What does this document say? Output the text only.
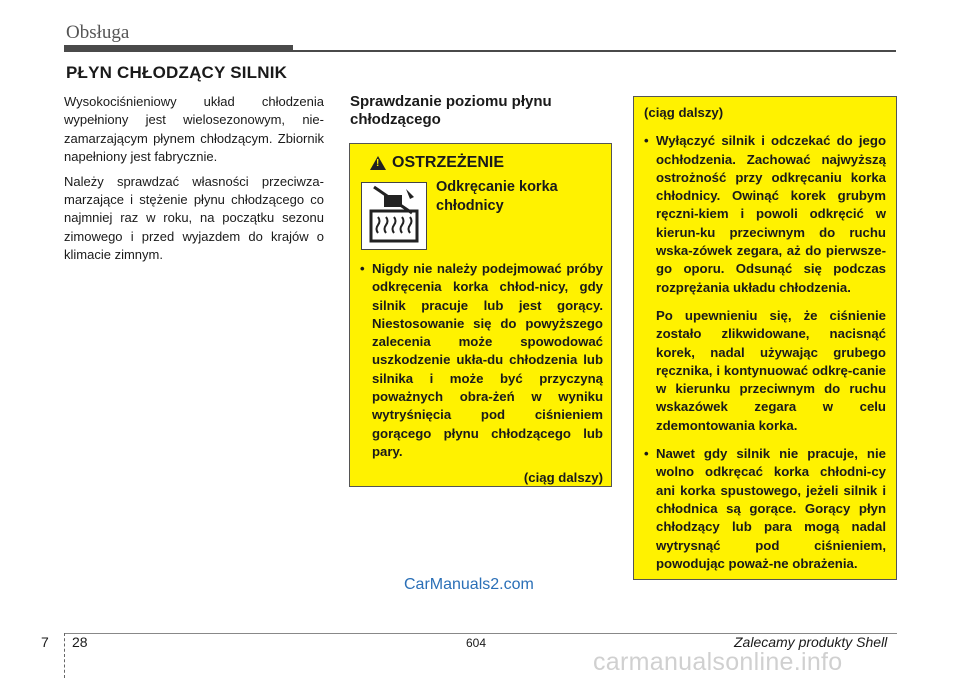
Obsługa
PŁYN CHŁODZĄCY SILNIK

Wysokociśnieniowy układ chłodzenia wypełniony jest wielosezonowym, nie-zamarzającym płynem chłodzącym. Zbiornik napełniony jest fabrycznie.

Należy sprawdzać własności przeciwza-marzające i stężenie płynu chłodzącego co najmniej raz w roku, na początku sezonu zimowego i przed wyjazdem do krajów o klimacie zimnym.

Sprawdzanie poziomu płynu chłodzącego
!
OSTRZEŻENIE
Odkręcanie korka chłodnicy
• Nigdy nie należy podejmować próby odkręcenia korka chłod-nicy, gdy silnik pracuje lub jest gorący. Niestosowanie się do powyższego zalecenia może spowodować uszkodzenie ukła-du chłodzenia lub silnika i może być przyczyną poważnych obra-żeń w wyniku wytryśnięcia pod ciśnieniem gorącego płynu chłodzącego lub pary.
(ciąg dalszy)

(ciąg dalszy)

• Wyłączyć silnik i odczekać do jego ochłodzenia. Zachować najwyższą ostrożność przy odkręcaniu korka chłodnicy. Owinąć korek grubym ręczni-kiem i powoli odkręcić w kierun-ku przeciwnym do ruchu wska-zówek zegara, aż do pierwsze-go oporu. Odsunąć się podczas rozprężania układu chłodzenia.

Po upewnieniu się, że ciśnienie zostało zlikwidowane, nacisnąć korek, nadal używając grubego ręcznika, i kontynuować odkrę-canie w kierunku przeciwnym do ruchu wskazówek zegara w celu zdemontowania korka.

• Nawet gdy silnik nie pracuje, nie wolno odkręcać korka chłodni-cy ani korka spustowego, jeżeli silnik i chłodnica są gorące. Gorący płyn chłodzący lub para mogą nadal wytrysnąć pod ciśnieniem, powodując poważ-ne obrażenia.

CarManuals2.com
7 28	604	Zalecamy produkty Shell
carmanualsonline.info
